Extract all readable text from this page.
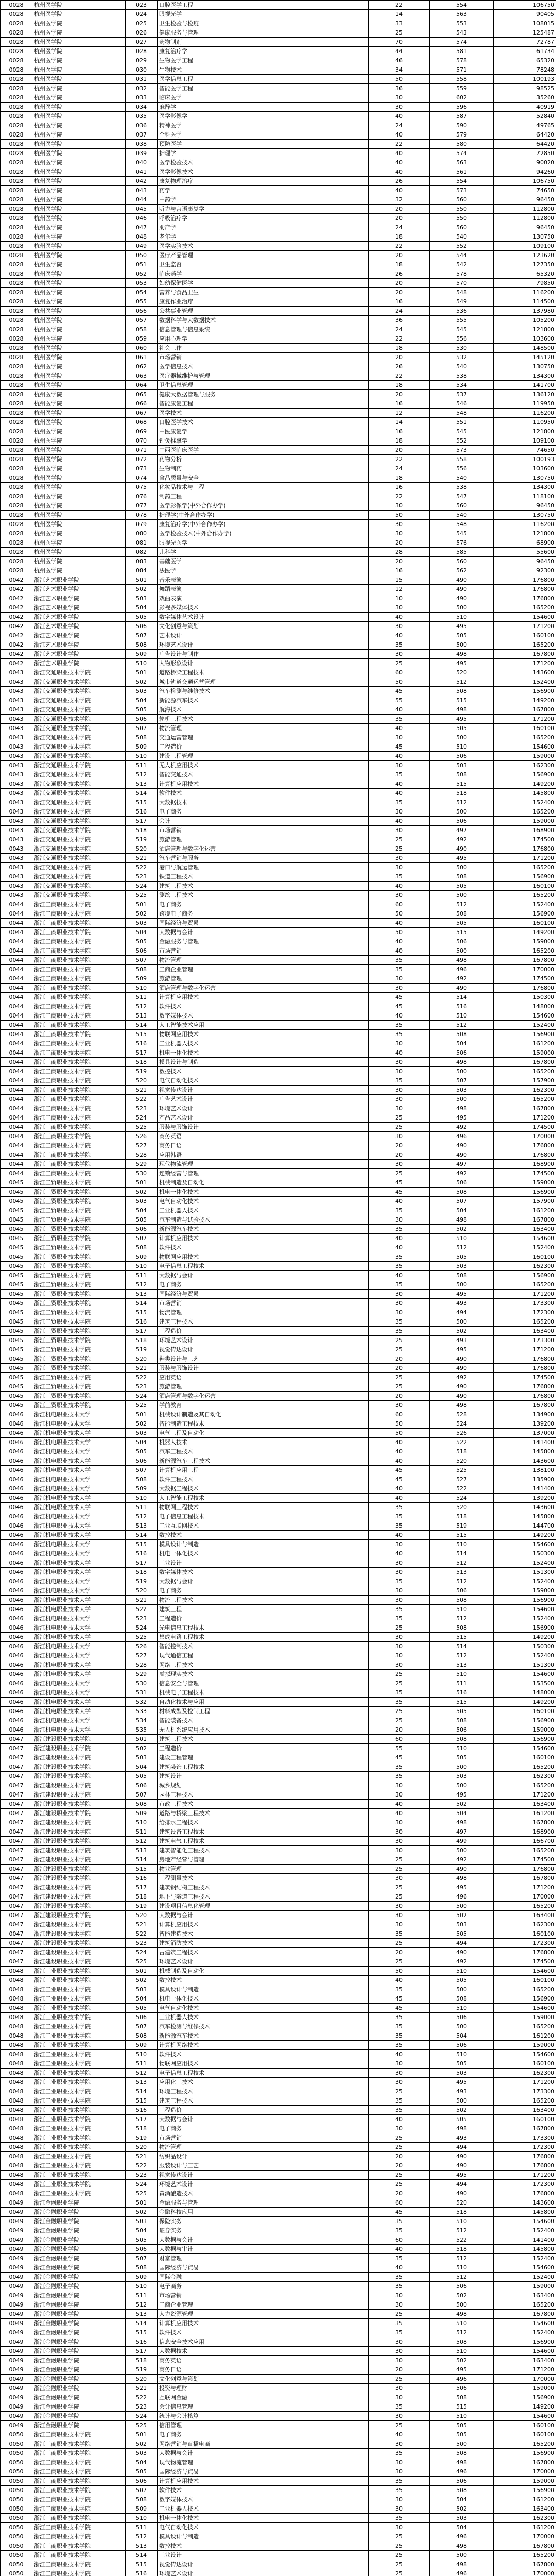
0028	杭州医学院	023	口腔医学工程		22	554	106750
0028	杭州医学院	024	眼视光学		14	563	90405
0028	杭州医学院	025	卫生检验与检疫		33	553	108015
0028	杭州医学院	026	健康服务与管理		25	543	125487
0028	杭州医学院	027	药物制剂		70	574	72787
0028	杭州医学院	028	康复治疗学		44	581	61734
0028	杭州医学院	029	生物医学工程		46	578	65320
0028	杭州医学院	030	生物技术		34	571	78248
0028	杭州医学院	031	医学信息工程		50	558	100193
0028	杭州医学院	032	智能医学工程		36	559	98525
0028	杭州医学院	033	临床医学		30	602	35260
0028	杭州医学院	034	麻醉学		30	596	40919
0028	杭州医学院	035	医学影像学		40	587	52840
0028	杭州医学院	036	精神医学		24	590	49765
0028	杭州医学院	037	全科医学		40	579	64420
0028	杭州医学院	038	预防医学		22	580	64420
0028	杭州医学院	039	护理学		40	574	72850
0028	杭州医学院	040	医学检验技术		40	563	90020
0028	杭州医学院	041	医学影像技术		40	561	94260
0028	杭州医学院	042	康复物理治疗		26	554	106750
0028	杭州医学院	043	药学		40	573	74650
0028	杭州医学院	044	中药学		32	560	96450
0028	杭州医学院	045	听力与言语康复学		20	550	112800
0028	杭州医学院	046	呼吸治疗学		20	550	112800
0028	杭州医学院	047	助产学		24	560	96450
0028	杭州医学院	048	老年学		18	540	130750
0028	杭州医学院	049	医学实验技术		22	552	109100
0028	杭州医学院	050	医疗产品管理		20	544	123620
0028	杭州医学院	051	卫生监督		18	542	127350
0028	杭州医学院	052	临床药学		26	578	65320
0028	杭州医学院	053	妇幼保健医学		20	570	79850
0028	杭州医学院	054	营养与食品卫生		20	548	116200
0028	杭州医学院	055	康复作业治疗		16	549	114500
0028	杭州医学院	056	公共事业管理		24	536	137980
0028	杭州医学院	057	数据科学与大数据技术		36	555	105200
0028	杭州医学院	058	信息管理与信息系统		24	545	121800
0028	杭州医学院	059	应用心理学		22	556	103600
0028	杭州医学院	060	社会工作		18	530	148500
0028	杭州医学院	061	市场营销		20	532	145120
0028	杭州医学院	062	医学信息技术		26	540	130750
0028	杭州医学院	063	医疗器械维护与管理		22	538	134300
0028	杭州医学院	064	卫生信息管理		18	534	141700
0028	杭州医学院	065	健康大数据管理与服务		20	537	136120
0028	杭州医学院	066	智能康复工程		16	546	119950
0028	杭州医学院	067	医学技术		12	548	116200
0028	杭州医学院	068	口腔医学技术		14	551	110950
0028	杭州医学院	069	中医康复学		16	545	121800
0028	杭州医学院	070	针灸推拿学		18	552	109100
0028	杭州医学院	071	中西医临床医学		20	573	74650
0028	杭州医学院	072	药物分析		22	558	100193
0028	杭州医学院	073	生物制药		24	556	103600
0028	杭州医学院	074	食品质量与安全		18	540	130750
0028	杭州医学院	075	化妆品技术与工程		16	538	134300
0028	杭州医学院	076	制药工程		22	547	118100
0028	杭州医学院	077	医学影像学(中外合作办学)		30	560	96450
0028	杭州医学院	078	护理学(中外合作办学)		50	540	130750
0028	杭州医学院	079	康复治疗学(中外合作办学)		30	548	116200
0028	杭州医学院	080	医学检验技术(中外合作办学)		30	545	121800
0028	杭州医学院	081	眼视光医学		20	576	68900
0028	杭州医学院	082	儿科学		28	585	55600
0028	杭州医学院	083	基础医学		20	560	96450
0028	杭州医学院	084	法医学		16	562	92300
0042	浙江艺术职业学院	501	音乐表演		15	490	176800
0042	浙江艺术职业学院	502	舞蹈表演		12	490	176800
0042	浙江艺术职业学院	503	戏曲表演		10	490	176800
0042	浙江艺术职业学院	504	影视多媒体技术		30	500	165200
0042	浙江艺术职业学院	505	数字媒体艺术设计		40	510	154600
0042	浙江艺术职业学院	506	文化创意与策划		30	495	171200
0042	浙江艺术职业学院	507	艺术设计		40	505	160100
0042	浙江艺术职业学院	508	环境艺术设计		35	500	165200
0042	浙江艺术职业学院	509	广告设计与制作		30	498	167800
0042	浙江艺术职业学院	510	人物形象设计		25	495	171200
0043	浙江交通职业技术学院	501	道路桥梁工程技术		60	520	143600
0043	浙江交通职业技术学院	502	城市轨道交通运营管理		50	512	152400
0043	浙江交通职业技术学院	503	汽车检测与维修技术		45	508	156900
0043	浙江交通职业技术学院	504	新能源汽车技术		55	515	149200
0043	浙江交通职业技术学院	505	航海技术		40	498	167800
0043	浙江交通职业技术学院	506	轮机工程技术		35	495	171200
0043	浙江交通职业技术学院	507	物流管理		40	505	160100
0043	浙江交通职业技术学院	508	交通运营管理		30	500	165200
0043	浙江交通职业技术学院	509	工程造价		45	510	154600
0043	浙江交通职业技术学院	510	建设工程管理		40	506	159000
0043	浙江交通职业技术学院	511	无人机应用技术		30	503	162300
0043	浙江交通职业技术学院	512	智能交通技术		35	508	156900
0043	浙江交通职业技术学院	513	计算机应用技术		40	515	149200
0043	浙江交通职业技术学院	514	软件技术		40	518	145800
0043	浙江交通职业技术学院	515	大数据技术		35	512	152400
0043	浙江交通职业技术学院	516	电子商务		30	500	165200
0043	浙江交通职业技术学院	517	会计		40	506	159000
0043	浙江交通职业技术学院	518	市场营销		30	497	168900
0043	浙江交通职业技术学院	519	旅游管理		25	492	174500
0043	浙江交通职业技术学院	520	酒店管理与数字化运营		25	490	176800
0043	浙江交通职业技术学院	521	汽车营销与服务		30	495	171200
0043	浙江交通职业技术学院	522	港口与航运管理		30	500	165200
0043	浙江交通职业技术学院	523	铁道工程技术		35	508	156900
0043	浙江交通职业技术学院	524	建筑工程技术		40	505	160100
0043	浙江交通职业技术学院	525	测绘工程技术		30	500	165200
0044	浙江工商职业技术学院	501	电子商务		60	512	152400
0044	浙江工商职业技术学院	502	跨境电子商务		50	508	156900
0044	浙江工商职业技术学院	503	国际经济与贸易		40	505	160100
0044	浙江工商职业技术学院	504	大数据与会计		50	515	149200
0044	浙江工商职业技术学院	505	金融服务与管理		40	506	159000
0044	浙江工商职业技术学院	506	市场营销		40	500	165200
0044	浙江工商职业技术学院	507	物流管理		35	498	167800
0044	浙江工商职业技术学院	508	工商企业管理		35	496	170000
0044	浙江工商职业技术学院	509	旅游管理		30	492	174500
0044	浙江工商职业技术学院	510	酒店管理与数字化运营		30	490	176800
0044	浙江工商职业技术学院	511	计算机应用技术		45	514	150300
0044	浙江工商职业技术学院	512	软件技术		45	516	148000
0044	浙江工商职业技术学院	513	数字媒体技术		40	510	154600
0044	浙江工商职业技术学院	514	人工智能技术应用		35	512	152400
0044	浙江工商职业技术学院	515	物联网应用技术		35	508	156900
0044	浙江工商职业技术学院	516	工业机器人技术		30	504	161200
0044	浙江工商职业技术学院	517	机电一体化技术		40	506	159000
0044	浙江工商职业技术学院	518	模具设计与制造		30	498	167800
0044	浙江工商职业技术学院	519	数控技术		30	500	165200
0044	浙江工商职业技术学院	520	电气自动化技术		35	507	157900
0044	浙江工商职业技术学院	521	视觉传达设计		30	503	162300
0044	浙江工商职业技术学院	522	广告艺术设计		30	500	165200
0044	浙江工商职业技术学院	523	环境艺术设计		30	498	167800
0044	浙江工商职业技术学院	524	产品艺术设计		25	495	171200
0044	浙江工商职业技术学院	525	服装与服饰设计		25	492	174500
0044	浙江工商职业技术学院	526	商务英语		30	496	170000
0044	浙江工商职业技术学院	527	商务日语		20	490	176800
0044	浙江工商职业技术学院	528	应用韩语		20	490	176800
0044	浙江工商职业技术学院	529	现代物流管理		30	497	168900
0044	浙江工商职业技术学院	530	连锁经营与管理		25	492	174500
0045	浙江工贸职业技术学院	501	机械制造及自动化		45	506	159000
0045	浙江工贸职业技术学院	502	机电一体化技术		45	508	156900
0045	浙江工贸职业技术学院	503	电气自动化技术		40	507	157900
0045	浙江工贸职业技术学院	504	工业机器人技术		35	504	161200
0045	浙江工贸职业技术学院	505	汽车制造与试验技术		30	498	167800
0045	浙江工贸职业技术学院	506	新能源汽车技术		35	502	163400
0045	浙江工贸职业技术学院	507	计算机应用技术		40	510	154600
0045	浙江工贸职业技术学院	508	软件技术		40	512	152400
0045	浙江工贸职业技术学院	509	物联网应用技术		35	505	160100
0045	浙江工贸职业技术学院	510	电子信息工程技术		35	503	162300
0045	浙江工贸职业技术学院	511	大数据与会计		40	508	156900
0045	浙江工贸职业技术学院	512	电子商务		35	500	165200
0045	浙江工贸职业技术学院	513	国际经济与贸易		30	495	171200
0045	浙江工贸职业技术学院	514	市场营销		30	493	173300
0045	浙江工贸职业技术学院	515	物流管理		30	494	172300
0045	浙江工贸职业技术学院	516	建筑工程技术		35	500	165200
0045	浙江工贸职业技术学院	517	工程造价		35	502	163400
0045	浙江工贸职业技术学院	518	环境艺术设计		25	493	173300
0045	浙江工贸职业技术学院	519	视觉传达设计		25	495	171200
0045	浙江工贸职业技术学院	520	鞋类设计与工艺		20	490	176800
0045	浙江工贸职业技术学院	521	服装与服饰设计		20	490	176800
0045	浙江工贸职业技术学院	522	应用英语		25	492	174500
0045	浙江工贸职业技术学院	523	旅游管理		25	490	176800
0045	浙江工贸职业技术学院	524	酒店管理与数字化运营		20	490	176800
0045	浙江工贸职业技术学院	525	学前教育		30	498	167800
0046	浙江机电职业技术大学	501	机械设计制造及其自动化		60	528	134900
0046	浙江机电职业技术大学	502	智能制造工程技术		50	524	139200
0046	浙江机电职业技术大学	503	电气工程及自动化		50	526	137000
0046	浙江机电职业技术大学	504	机器人技术		40	522	141400
0046	浙江机电职业技术大学	505	汽车工程技术		40	518	145800
0046	浙江机电职业技术大学	506	新能源汽车工程技术		40	520	143600
0046	浙江机电职业技术大学	507	计算机应用工程		45	525	138100
0046	浙江机电职业技术大学	508	软件工程技术		45	527	135900
0046	浙江机电职业技术大学	509	大数据工程技术		40	522	141400
0046	浙江机电职业技术大学	510	人工智能工程技术		40	524	139200
0046	浙江机电职业技术大学	511	物联网工程技术		35	520	143600
0046	浙江机电职业技术大学	512	电子信息工程技术		35	518	145800
0046	浙江机电职业技术大学	513	工业互联网技术		35	519	144700
0046	浙江机电职业技术大学	514	数控技术		40	515	149200
0046	浙江机电职业技术大学	515	模具设计与制造		30	510	154600
0046	浙江机电职业技术大学	516	机电一体化技术		40	514	150300
0046	浙江机电职业技术大学	517	工业设计		30	512	152400
0046	浙江机电职业技术大学	518	数字媒体技术		30	513	151300
0046	浙江机电职业技术大学	519	大数据与会计		35	512	152400
0046	浙江机电职业技术大学	520	电子商务		30	506	159000
0046	浙江机电职业技术大学	521	物流工程技术		30	508	156900
0046	浙江机电职业技术大学	522	建筑工程		35	510	154600
0046	浙江机电职业技术大学	523	工程造价		35	512	152400
0046	浙江机电职业技术大学	524	光电信息工程技术		25	508	156900
0046	浙江机电职业技术大学	525	集成电路工程技术		30	515	149200
0046	浙江机电职业技术大学	526	智能控制技术		30	514	150300
0046	浙江机电职业技术大学	527	现代通信工程		30	512	152400
0046	浙江机电职业技术大学	528	网络工程技术		30	513	151300
0046	浙江机电职业技术大学	529	虚拟现实技术		25	510	154600
0046	浙江机电职业技术大学	530	信息安全与管理		25	511	153500
0046	浙江机电职业技术大学	531	机械电子工程技术		35	516	148000
0046	浙江机电职业技术大学	532	自动化技术与应用		35	515	149200
0046	浙江机电职业技术大学	533	材料成型及控制工程		25	505	160100
0046	浙江机电职业技术大学	534	智能装备技术		25	508	156900
0046	浙江机电职业技术大学	535	无人机系统应用技术		20	506	159000
0047	浙江建设职业技术学院	501	建筑工程技术		60	508	156900
0047	浙江建设职业技术学院	502	工程造价		55	510	154600
0047	浙江建设职业技术学院	503	建设工程管理		45	505	160100
0047	浙江建设职业技术学院	504	建筑装饰工程技术		35	500	165200
0047	浙江建设职业技术学院	505	建筑设计		35	503	162300
0047	浙江建设职业技术学院	506	城乡规划		30	500	165200
0047	浙江建设职业技术学院	507	园林工程技术		30	495	171200
0047	浙江建设职业技术学院	508	市政工程技术		40	502	163400
0047	浙江建设职业技术学院	509	道路与桥梁工程技术		40	504	161200
0047	浙江建设职业技术学院	510	给排水工程技术		30	498	167800
0047	浙江建设职业技术学院	511	建筑设备工程技术		30	497	168900
0047	浙江建设职业技术学院	512	建筑电气工程技术		30	499	166700
0047	浙江建设职业技术学院	513	建筑智能化工程技术		30	500	165200
0047	浙江建设职业技术学院	514	房地产经营与管理		25	492	174500
0047	浙江建设职业技术学院	515	物业管理		25	490	176800
0047	浙江建设职业技术学院	516	工程测量技术		30	498	167800
0047	浙江建设职业技术学院	517	建筑钢结构工程技术		25	495	171200
0047	浙江建设职业技术学院	518	地下与隧道工程技术		25	496	170000
0047	浙江建设职业技术学院	519	建设项目信息化管理		30	500	165200
0047	浙江建设职业技术学院	520	大数据与会计		30	502	163400
0047	浙江建设职业技术学院	521	计算机应用技术		30	503	162300
0047	浙江建设职业技术学院	522	智能建造技术		35	505	160100
0047	浙江建设职业技术学院	523	建筑消防技术		25	494	172300
0047	浙江建设职业技术学院	524	古建筑工程技术		20	490	176800
0047	浙江建设职业技术学院	525	环境艺术设计		25	492	174500
0048	浙江工业职业技术学院	501	机械制造及自动化		50	510	154600
0048	浙江工业职业技术学院	502	数控技术		40	505	160100
0048	浙江工业职业技术学院	503	模具设计与制造		35	500	165200
0048	浙江工业职业技术学院	504	机电一体化技术		45	508	156900
0048	浙江工业职业技术学院	505	电气自动化技术		45	510	154600
0048	浙江工业职业技术学院	506	工业机器人技术		35	506	159000
0048	浙江工业职业技术学院	507	汽车检测与维修技术		35	500	165200
0048	浙江工业职业技术学院	508	新能源汽车技术		35	504	161200
0048	浙江工业职业技术学院	509	计算机网络技术		35	506	159000
0048	浙江工业职业技术学院	510	软件技术		40	510	154600
0048	浙江工业职业技术学院	511	物联网应用技术		30	505	160100
0048	浙江工业职业技术学院	512	电子信息工程技术		30	503	162300
0048	浙江工业职业技术学院	513	应用化工技术		30	495	171200
0048	浙江工业职业技术学院	514	环境工程技术		25	493	173300
0048	浙江工业职业技术学院	515	建筑工程技术		35	500	165200
0048	浙江工业职业技术学院	516	工程造价		35	502	163400
0048	浙江工业职业技术学院	517	大数据与会计		40	505	160100
0048	浙江工业职业技术学院	518	电子商务		30	498	167800
0048	浙江工业职业技术学院	519	市场营销		25	493	173300
0048	浙江工业职业技术学院	520	物流管理		25	494	172300
0048	浙江工业职业技术学院	521	纺织品设计		20	490	176800
0048	浙江工业职业技术学院	522	服装设计与工艺		20	490	176800
0048	浙江工业职业技术学院	523	视觉传达设计		25	495	171200
0048	浙江工业职业技术学院	524	环境艺术设计		25	494	172300
0048	浙江工业职业技术学院	525	黄酒酿造技术		20	490	176800
0049	浙江金融职业学院	501	金融服务与管理		60	520	143600
0049	浙江金融职业学院	502	金融科技应用		45	518	145800
0049	浙江金融职业学院	503	保险实务		35	510	154600
0049	浙江金融职业学院	504	证券实务		35	512	152400
0049	浙江金融职业学院	505	大数据与会计		60	522	141400
0049	浙江金融职业学院	506	大数据与审计		40	518	145800
0049	浙江金融职业学院	507	财富管理		35	512	152400
0049	浙江金融职业学院	508	国际经济与贸易		40	510	154600
0049	浙江金融职业学院	509	国际金融		35	512	152400
0049	浙江金融职业学院	510	电子商务		35	506	159000
0049	浙江金融职业学院	511	市场营销		30	502	163400
0049	浙江金融职业学院	512	工商企业管理		30	500	165200
0049	浙江金融职业学院	513	人力资源管理		25	498	167800
0049	浙江金融职业学院	514	计算机应用技术		35	510	154600
0049	浙江金融职业学院	515	软件技术		35	512	152400
0049	浙江金融职业学院	516	信息安全技术应用		30	508	156900
0049	浙江金融职业学院	517	大数据技术		30	510	154600
0049	浙江金融职业学院	518	商务英语		30	502	163400
0049	浙江金融职业学院	519	商务日语		20	495	171200
0049	浙江金融职业学院	520	文化创意与策划		25	496	170000
0049	浙江金融职业学院	521	投资与理财		30	506	159000
0049	浙江金融职业学院	522	互联网金融		30	508	156900
0049	浙江金融职业学院	523	会计信息管理		35	515	149200
0049	浙江金融职业学院	524	统计与会计核算		30	510	154600
0049	浙江金融职业学院	525	信用管理		25	505	160100
0050	浙江工商职业技术学院	501	电子商务		40	505	160100
0050	浙江工商职业技术学院	502	网络营销与直播电商		30	500	165200
0050	浙江工商职业技术学院	503	大数据与会计		35	508	156900
0050	浙江工商职业技术学院	504	现代物流管理		30	498	167800
0050	浙江工商职业技术学院	505	国际经济与贸易		30	496	170000
0050	浙江工商职业技术学院	506	计算机应用技术		35	506	159000
0050	浙江工商职业技术学院	507	软件技术		35	508	156900
0050	浙江工商职业技术学院	508	数字媒体技术		30	504	161200
0050	浙江工商职业技术学院	509	工业机器人技术		30	502	163400
0050	浙江工商职业技术学院	510	机电一体化技术		35	503	162300
0050	浙江工商职业技术学院	511	电气自动化技术		30	504	161200
0050	浙江工商职业技术学院	512	模具设计与制造		25	496	170000
0050	浙江工商职业技术学院	513	数控技术		25	498	167800
0050	浙江工商职业技术学院	514	工业设计		25	500	165200
0050	浙江工商职业技术学院	515	视觉传达设计		25	498	167800
0050	浙江工商职业技术学院	516	环境艺术设计		25	496	170000
